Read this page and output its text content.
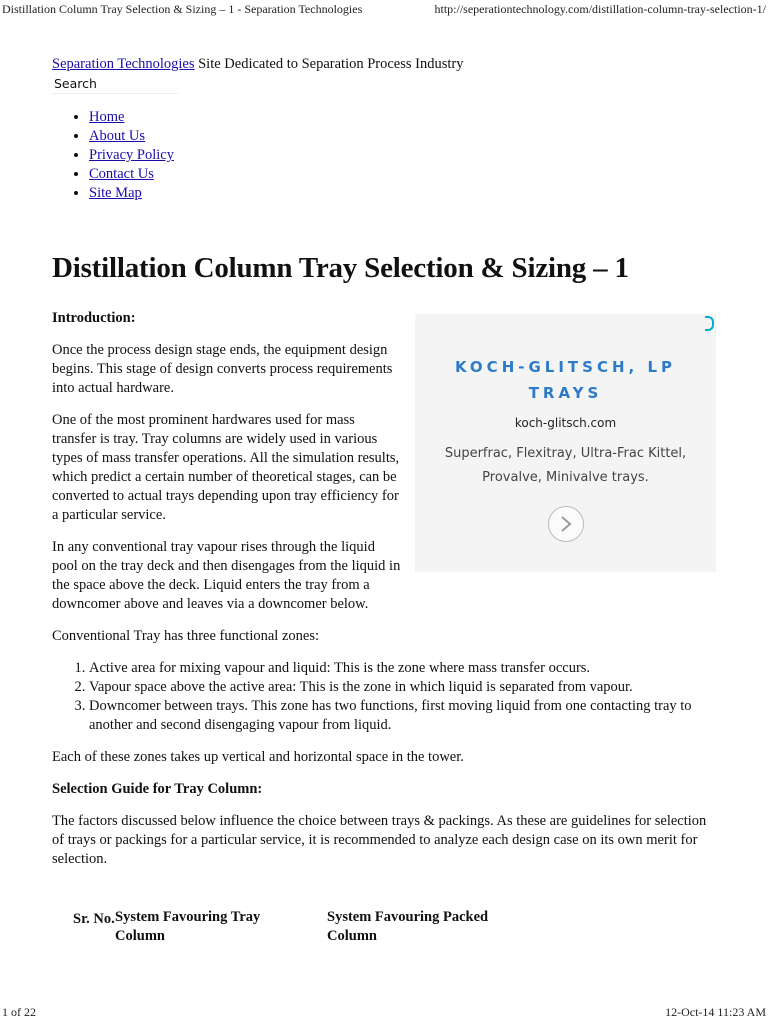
Distillation Column Tray Selection & Sizing – 1 - Separation Technologies	http://seperationtechnology.com/distillation-column-tray-selection-1/
Separation Technologies Site Dedicated to Separation Process Industry
Search
• Home
• About Us
• Privacy Policy
• Contact Us
• Site Map
Distillation Column Tray Selection & Sizing – 1

Introduction:

Once the process design stage ends, the equipment design begins. This stage of design converts process requirements into actual hardware.

One of the most prominent hardwares used for mass transfer is tray. Tray columns are widely used in various types of mass transfer operations. All the simulation results, which predict a certain number of theoretical stages, can be converted to actual trays depending upon tray efficiency for a particular service.

In any conventional tray vapour rises through the liquid pool on the tray deck and then disengages from the liquid in the space above the deck. Liquid enters the tray from a downcomer above and leaves via a downcomer below.

Conventional Tray has three functional zones:

1. Active area for mixing vapour and liquid: This is the zone where mass transfer occurs.
2. Vapour space above the active area: This is the zone in which liquid is separated from vapour.
3. Downcomer between trays. This zone has two functions, first moving liquid from one contacting tray to another and second disengaging vapour from liquid.

Each of these zones takes up vertical and horizontal space in the tower.

Selection Guide for Tray Column:

The factors discussed below influence the choice between trays & packings. As these are guidelines for selection of trays or packings for a particular service, it is recommended to analyze each design case on its own merit for selection.

KOCH-GLITSCH, LP TRAYS
koch-glitsch.com
Superfrac, Flexitray, Ultra-Frac Kittel, Provalve, Minivalve trays.
Sr. No. System Favouring Tray Column
System Favouring Packed Column
1 of 22	12-Oct-14 11:23 AM
